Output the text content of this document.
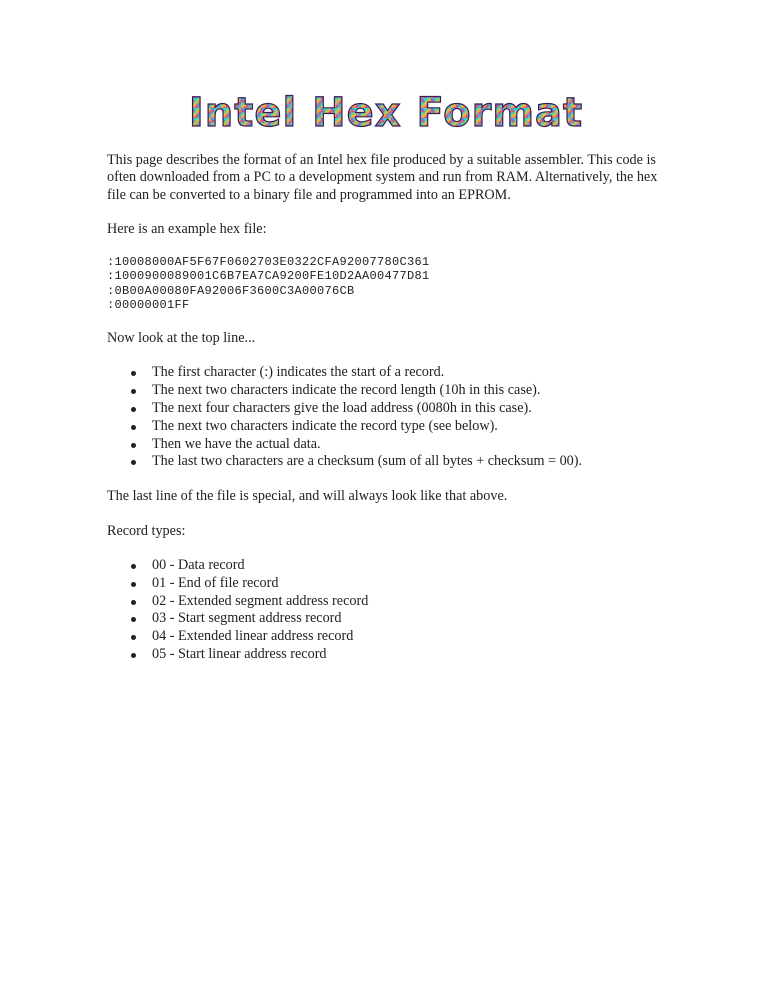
Intel Hex Format

This page describes the format of an Intel hex file produced by a suitable assembler. This code is often downloaded from a PC to a development system and run from RAM. Alternatively, the hex file can be converted to a binary file and programmed into an EPROM.

Here is an example hex file:

:10008000AF5F67F0602703E0322CFA92007780C361
:1000900089001C6B7EA7CA9200FE10D2AA00477D81
:0B00A00080FA92006F3600C3A00076CB
:00000001FF

Now look at the top line...

The first character (:) indicates the start of a record.
The next two characters indicate the record length (10h in this case).
The next four characters give the load address (0080h in this case).
The next two characters indicate the record type (see below).
Then we have the actual data.
The last two characters are a checksum (sum of all bytes + checksum = 00).

The last line of the file is special, and will always look like that above.

Record types:

00 - Data record
01 - End of file record
02 - Extended segment address record
03 - Start segment address record
04 - Extended linear address record
05 - Start linear address record
